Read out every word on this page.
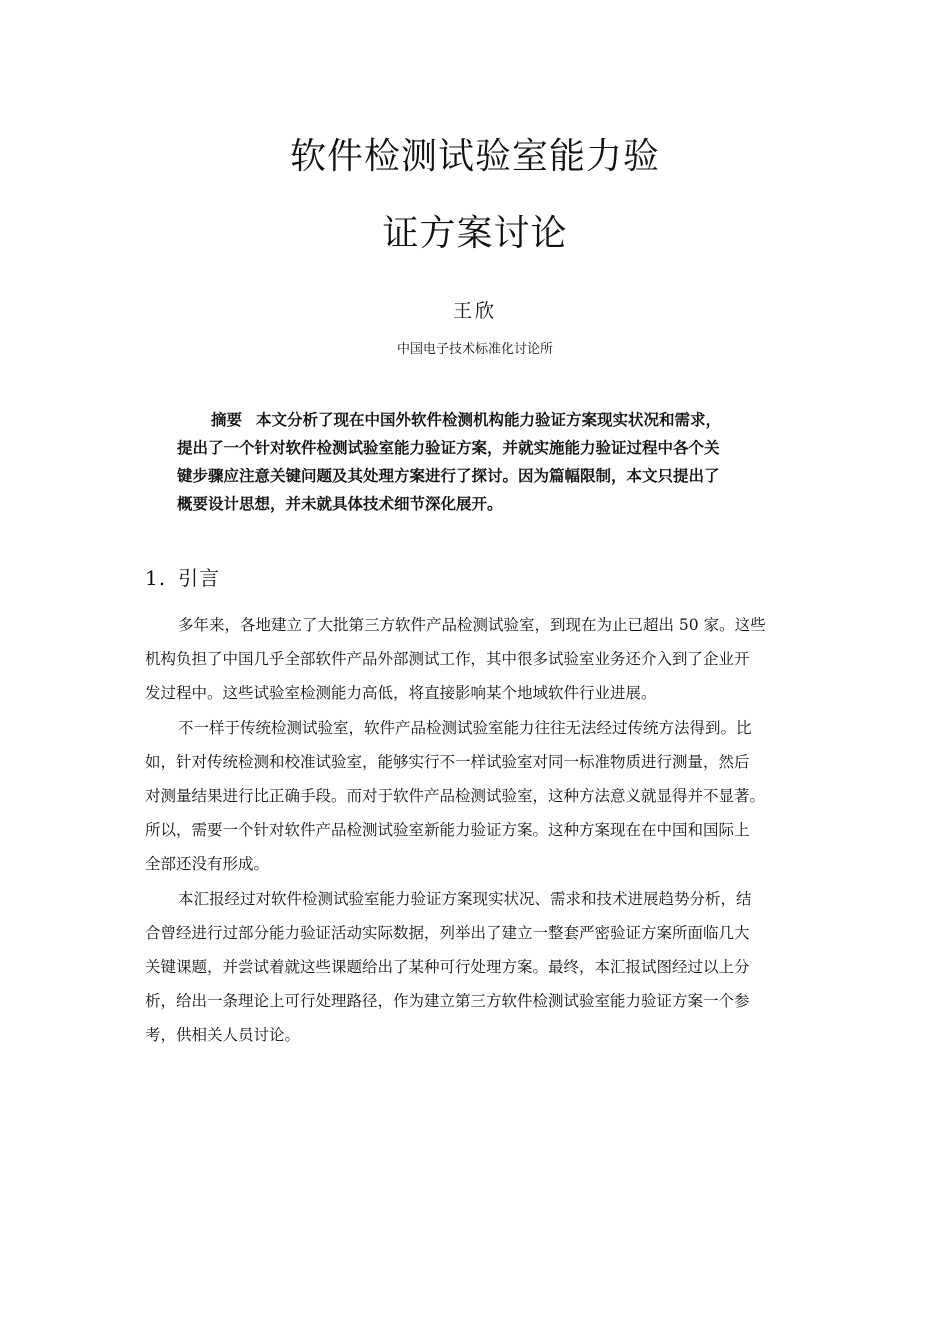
软件检测试验室能力验
证方案讨论
王欣
中国电子技术标准化讨论所
摘要 本文分析了现在中国外软件检测机构能力验证方案现实状况和需求，
提出了一个针对软件检测试验室能力验证方案，并就实施能力验证过程中各个关
键步骤应注意关键问题及其处理方案进行了探讨。因为篇幅限制，本文只提出了
概要设计思想，并未就具体技术细节深化展开。
1. 引言
多年来，各地建立了大批第三方软件产品检测试验室，到现在为止已超出 50 家。这些
机构负担了中国几乎全部软件产品外部测试工作，其中很多试验室业务还介入到了企业开
发过程中。这些试验室检测能力高低，将直接影响某个地域软件行业进展。
不一样于传统检测试验室，软件产品检测试验室能力往往无法经过传统方法得到。比
如，针对传统检测和校准试验室，能够实行不一样试验室对同一标准物质进行测量，然后
对测量结果进行比正确手段。而对于软件产品检测试验室，这种方法意义就显得并不显著。
所以，需要一个针对软件产品检测试验室新能力验证方案。这种方案现在在中国和国际上
全部还没有形成。
本汇报经过对软件检测试验室能力验证方案现实状况、需求和技术进展趋势分析，结
合曾经进行过部分能力验证活动实际数据，列举出了建立一整套严密验证方案所面临几大
关键课题，并尝试着就这些课题给出了某种可行处理方案。最终，本汇报试图经过以上分
析，给出一条理论上可行处理路径，作为建立第三方软件检测试验室能力验证方案一个参
考，供相关人员讨论。
